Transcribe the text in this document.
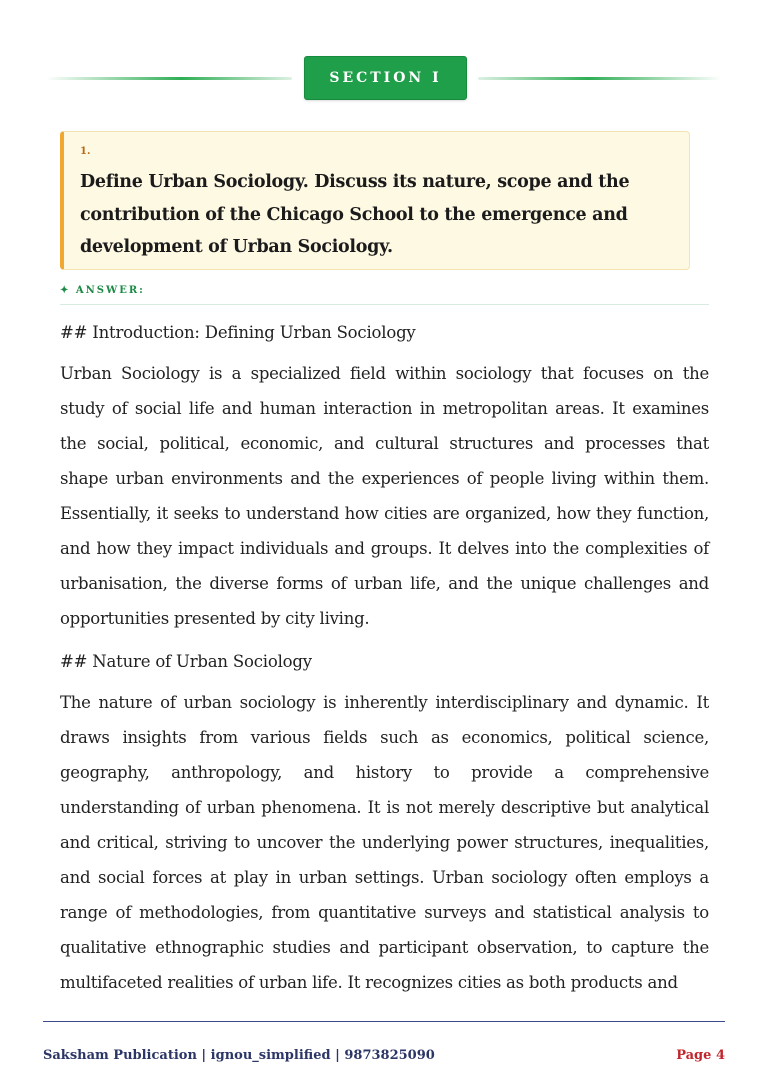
SECTION I
1.
Define Urban Sociology. Discuss its nature, scope and the contribution of the Chicago School to the emergence and development of Urban Sociology.
✦ ANSWER:

## Introduction: Defining Urban Sociology

Urban Sociology is a specialized field within sociology that focuses on the study of social life and human interaction in metropolitan areas. It examines the social, political, economic, and cultural structures and processes that shape urban environments and the experiences of people living within them. Essentially, it seeks to understand how cities are organized, how they function, and how they impact individuals and groups. It delves into the complexities of urbanisation, the diverse forms of urban life, and the unique challenges and opportunities presented by city living.

## Nature of Urban Sociology

The nature of urban sociology is inherently interdisciplinary and dynamic. It draws insights from various fields such as economics, political science, geography, anthropology, and history to provide a comprehensive understanding of urban phenomena. It is not merely descriptive but analytical and critical, striving to uncover the underlying power structures, inequalities, and social forces at play in urban settings. Urban sociology often employs a range of methodologies, from quantitative surveys and statistical analysis to qualitative ethnographic studies and participant observation, to capture the multifaceted realities of urban life. It recognizes cities as both products and

Saksham Publication | ignou_simplified | 9873825090	Page 4
